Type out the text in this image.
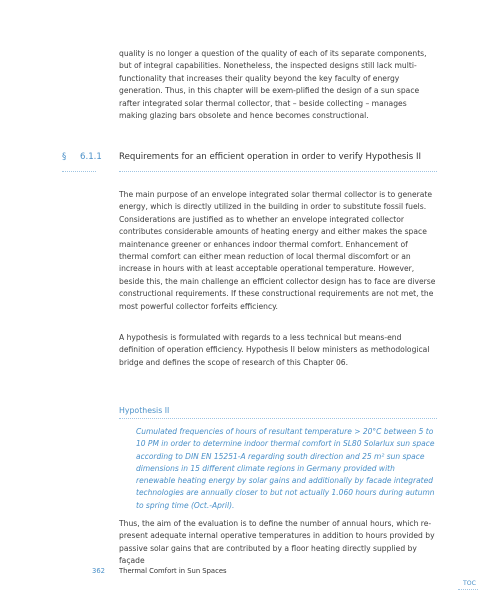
quality is no longer a question of the quality of each of its separate components, but of integral capabilities. Nonetheless, the inspected designs still lack multi-functionality that increases their quality beyond the key faculty of energy generation. Thus, in this chapter will be exem-plified the design of a sun space rafter integrated solar thermal collector, that – beside collecting – manages making glazing bars obsolete and hence becomes constructional.

§ 6.1.1 Requirements for an efficient operation in order to verify Hypothesis II

The main purpose of an envelope integrated solar thermal collector is to generate energy, which is directly utilized in the building in order to substitute fossil fuels. Considerations are justified as to whether an envelope integrated collector contributes considerable amounts of heating energy and either makes the space maintenance greener or enhances indoor thermal comfort. Enhancement of thermal comfort can either mean reduction of local thermal discomfort or an increase in hours with at least acceptable operational temperature. However, beside this, the main challenge an efficient collector design has to face are diverse constructional requirements. If these constructional requirements are not met, the most powerful collector forfeits efficiency.

A hypothesis is formulated with regards to a less technical but means-end definition of operation efficiency. Hypothesis II below ministers as methodological bridge and defines the scope of research of this Chapter 06.

Hypothesis II

Cumulated frequencies of hours of resultant temperature > 20°C between 5 to 10 PM in order to determine indoor thermal comfort in SL80 Solarlux sun space according to DIN EN 15251-A regarding south direction and 25 m² sun space dimensions in 15 different climate regions in Germany provided with renewable heating energy by solar gains and additionally by facade integrated technologies are annually closer to but not actually 1.060 hours during autumn to spring time (Oct.-April).

Thus, the aim of the evaluation is to define the number of annual hours, which re-present adequate internal operative temperatures in addition to hours provided by passive solar gains that are contributed by a floor heating directly supplied by façade

362 Thermal Comfort in Sun Spaces
TOC
